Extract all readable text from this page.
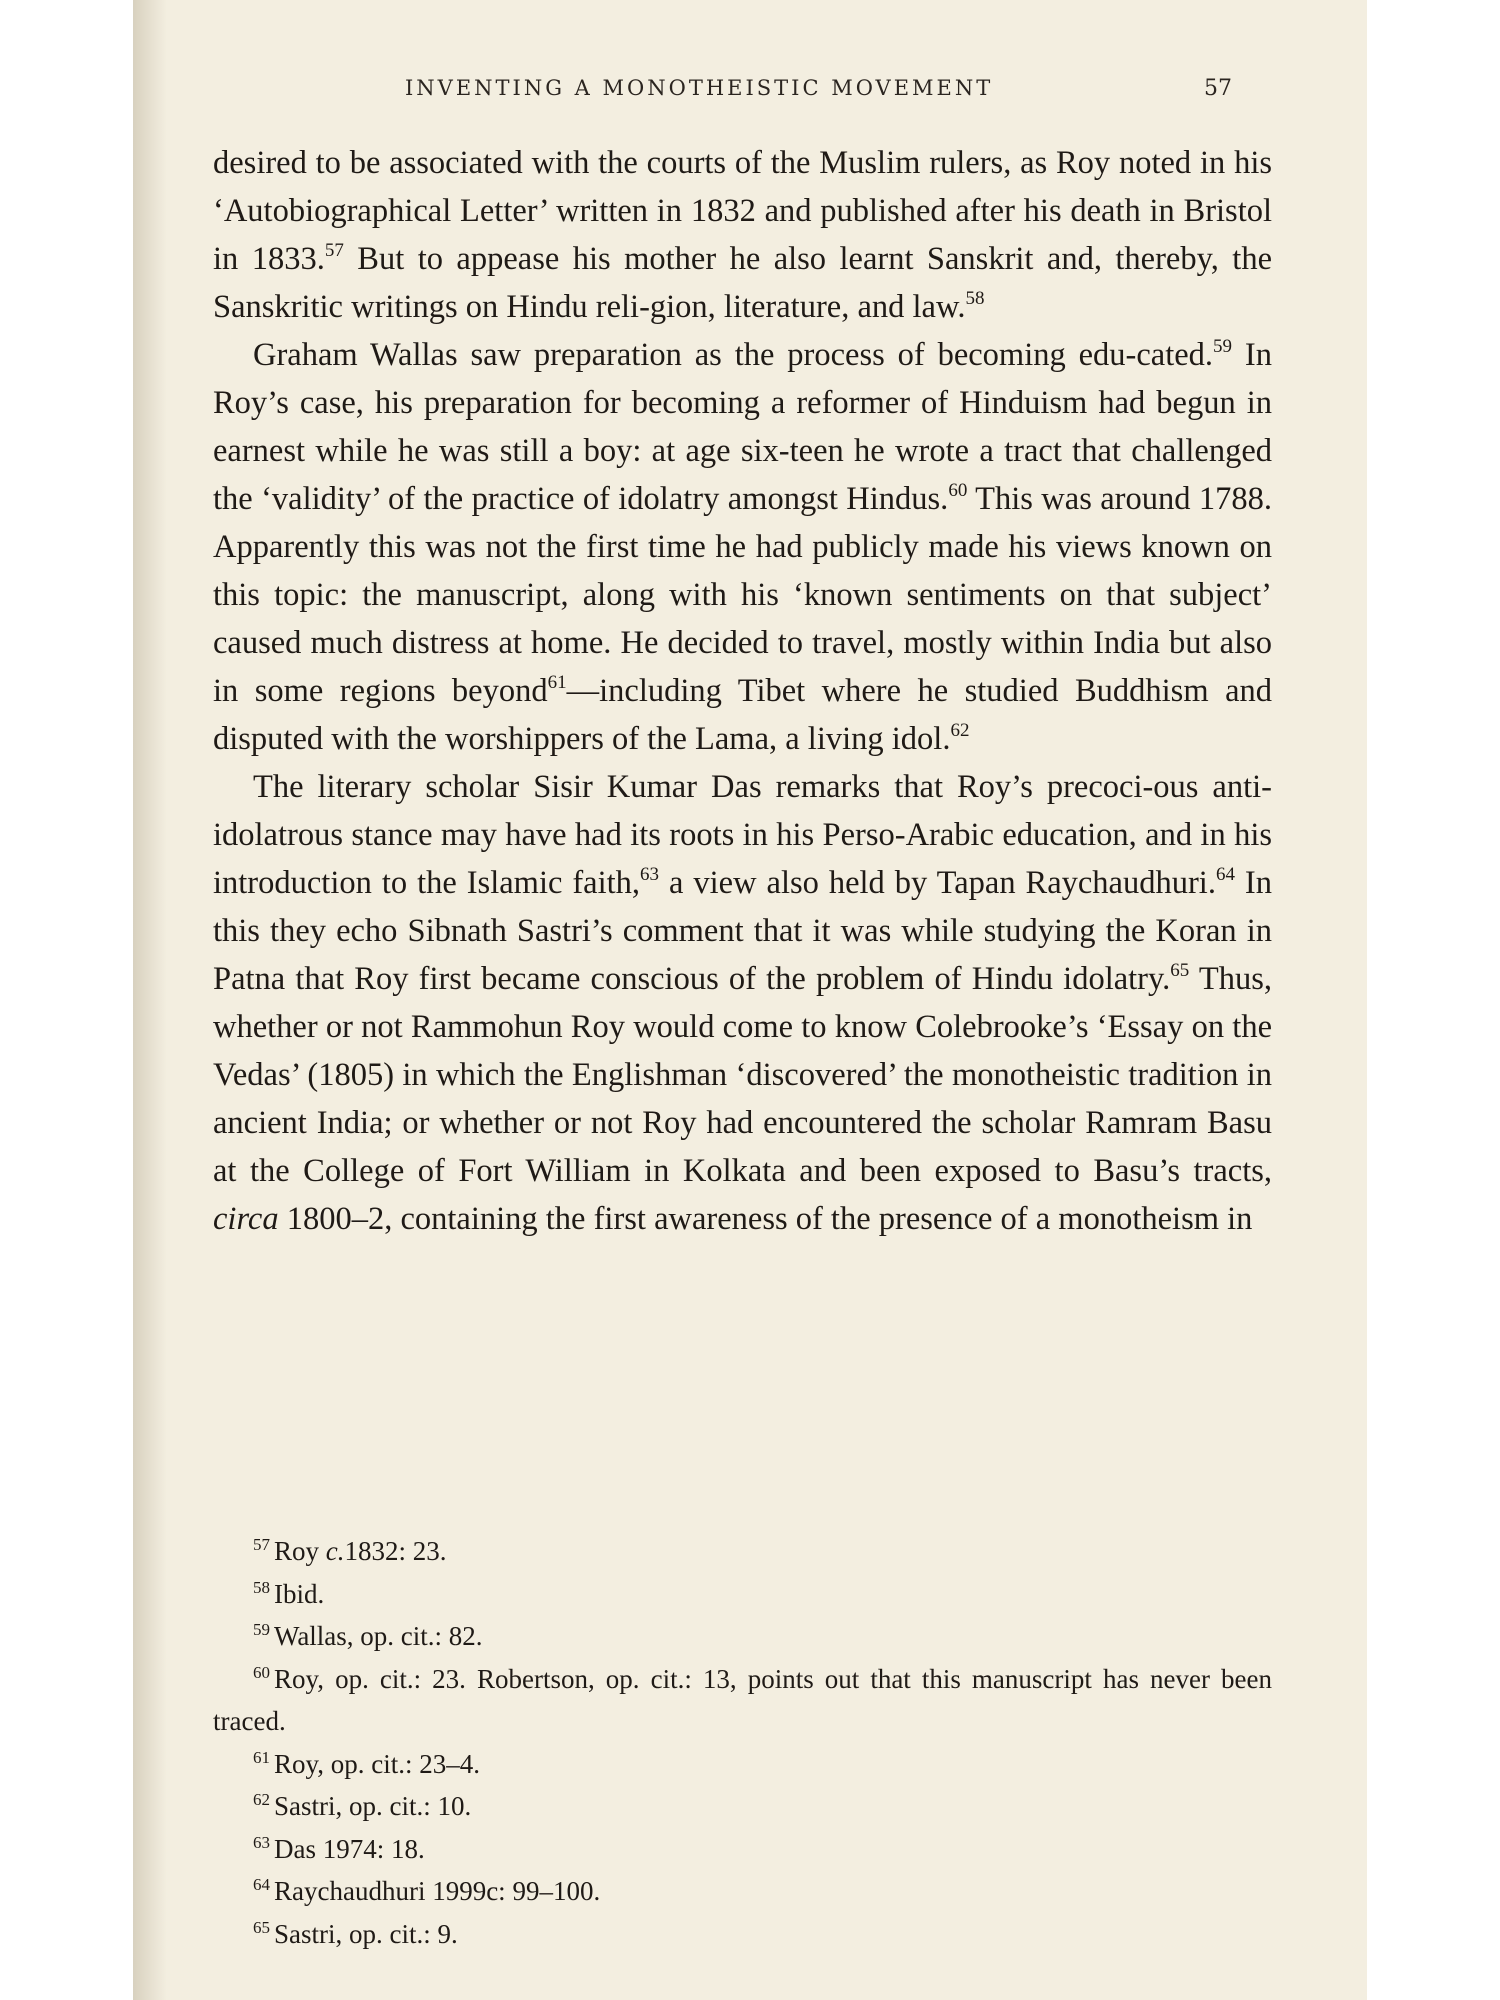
INVENTING A MONOTHEISTIC MOVEMENT	57

desired to be associated with the courts of the Muslim rulers, as Roy noted in his ‘Autobiographical Letter’ written in 1832 and published after his death in Bristol in 1833.57 But to appease his mother he also learnt Sanskrit and, thereby, the Sanskritic writings on Hindu reli-gion, literature, and law.$^{58}$

Graham Wallas saw preparation as the process of becoming edu-cated.$^{59}$ In Roy’s case, his preparation for becoming a reformer of Hinduism had begun in earnest while he was still a boy: at age six-teen he wrote a tract that challenged the ‘validity’ of the practice of idolatry amongst Hindus.$^{60}$ This was around 1788. Apparently this was not the first time he had publicly made his views known on this topic: the manuscript, along with his ‘known sentiments on that subject’ caused much distress at home. He decided to travel, mostly within India but also in some regions beyond$^{61}$—including Tibet where he studied Buddhism and disputed with the worshippers of the Lama, a living idol.$^{62}$

The literary scholar Sisir Kumar Das remarks that Roy’s precoci-ous anti-idolatrous stance may have had its roots in his Perso-Arabic education, and in his introduction to the Islamic faith,$^{63}$ a view also held by Tapan Raychaudhuri.$^{64}$ In this they echo Sibnath Sastri’s comment that it was while studying the Koran in Patna that Roy first became conscious of the problem of Hindu idolatry.$^{65}$ Thus, whether or not Rammohun Roy would come to know Colebrooke’s ‘Essay on the Vedas’ (1805) in which the Englishman ‘discovered’ the monotheistic tradition in ancient India; or whether or not Roy had encountered the scholar Ramram Basu at the College of Fort William in Kolkata and been exposed to Basu’s tracts, circa 1800–2, containing the first awareness of the presence of a monotheism in

$^{57}$ Roy c.1832: 23.

$^{58}$ Ibid.

$^{59}$ Wallas, op. cit.: 82.

$^{60}$ Roy, op. cit.: 23. Robertson, op. cit.: 13, points out that this manuscript has never been traced.

$^{61}$ Roy, op. cit.: 23–4.

$^{62}$ Sastri, op. cit.: 10.

$^{63}$ Das 1974: 18.

$^{64}$ Raychaudhuri 1999c: 99–100.

$^{65}$ Sastri, op. cit.: 9.
